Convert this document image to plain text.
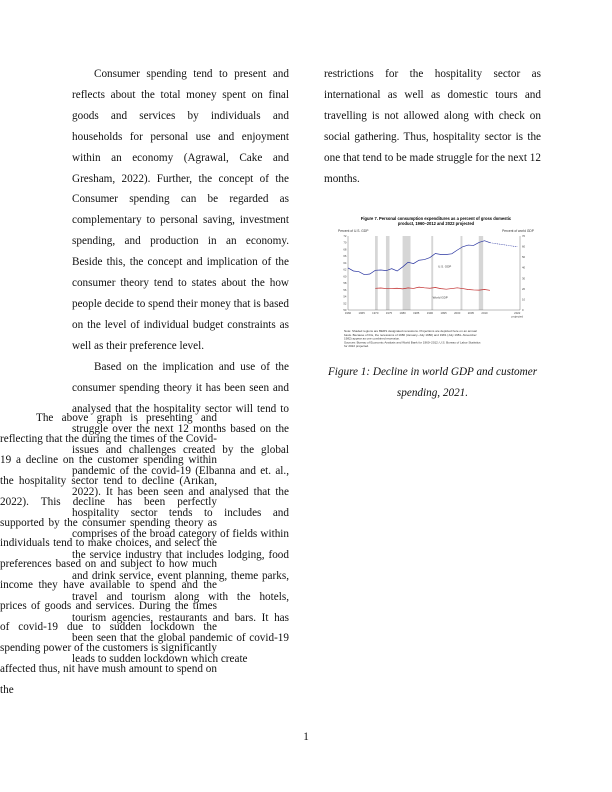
Consumer spending tend to present and reflects about the total money spent on final goods and services by individuals and households for personal use and enjoyment within an economy (Agrawal, Cake and Gresham, 2022). Further, the concept of the Consumer spending can be regarded as complementary to personal saving, investment spending, and production in an economy. Beside this, the concept and implication of the consumer theory tend to states about the how people decide to spend their money that is based on the level of individual budget constraints as well as their preference level.

Based on the implication and use of the consumer spending theory it has been seen and analysed that the hospitality sector will tend to struggle over the next 12 months based on the issues and challenges created by the global pandemic of the covid-19 (Elbanna and et. al., 2022). It has been seen and analysed that the hospitality sector tends to includes and comprises of the broad category of fields within the service industry that includes lodging, food and drink service, event planning, theme parks, travel and tourism along with the hotels, tourism agencies, restaurants and bars. It has been seen that the global pandemic of covid-19 leads to sudden lockdown which create

restrictions for the hospitality sector as international as well as domestic tours and travelling is not allowed along with check on social gathering. Thus, hospitality sector is the one that tend to be made struggle for the next 12 months.

Figure 7. Personal consumption expenditures as a percent of gross domestic
product, 1960–2012 and 2022 projected
Percent of U.S. GDP	Percent of world GDP
72
70
68
66
64
62
60
58
56
54
52
50
70
60
50
40
30
20
10
0
1960	1965	1970	1975	1980	1985	1990	1995	2000	2005	2010	2022
projected
U.S. GDP
World GDP
Note: Shaded regions are BERS designated recessions. Projections are depicted here on an annual basis. Because of this, the recessions of 1980 (January–July 1980) and 1981 (July 1981–November 1982) appear as one combined recession. Sources: Bureau of Economic Analysis and World Bank for 1960–2012; U.S. Bureau of Labor Statistics for 2022 projected.
Figure 1: Decline in world GDP and customer spending, 2021.

The above graph is presenting and reflecting that the during the times of the Covid-19 a decline on the customer spending within the hospitality sector tend to decline (Arıkan, 2022). This decline has been perfectly supported by the consumer spending theory as individuals tend to make choices, and select the preferences based on and subject to how much income they have available to spend and the prices of goods and services. During the times of covid-19 due to sudden lockdown the spending power of the customers is significantly affected thus, nit have mush amount to spend on the

1
